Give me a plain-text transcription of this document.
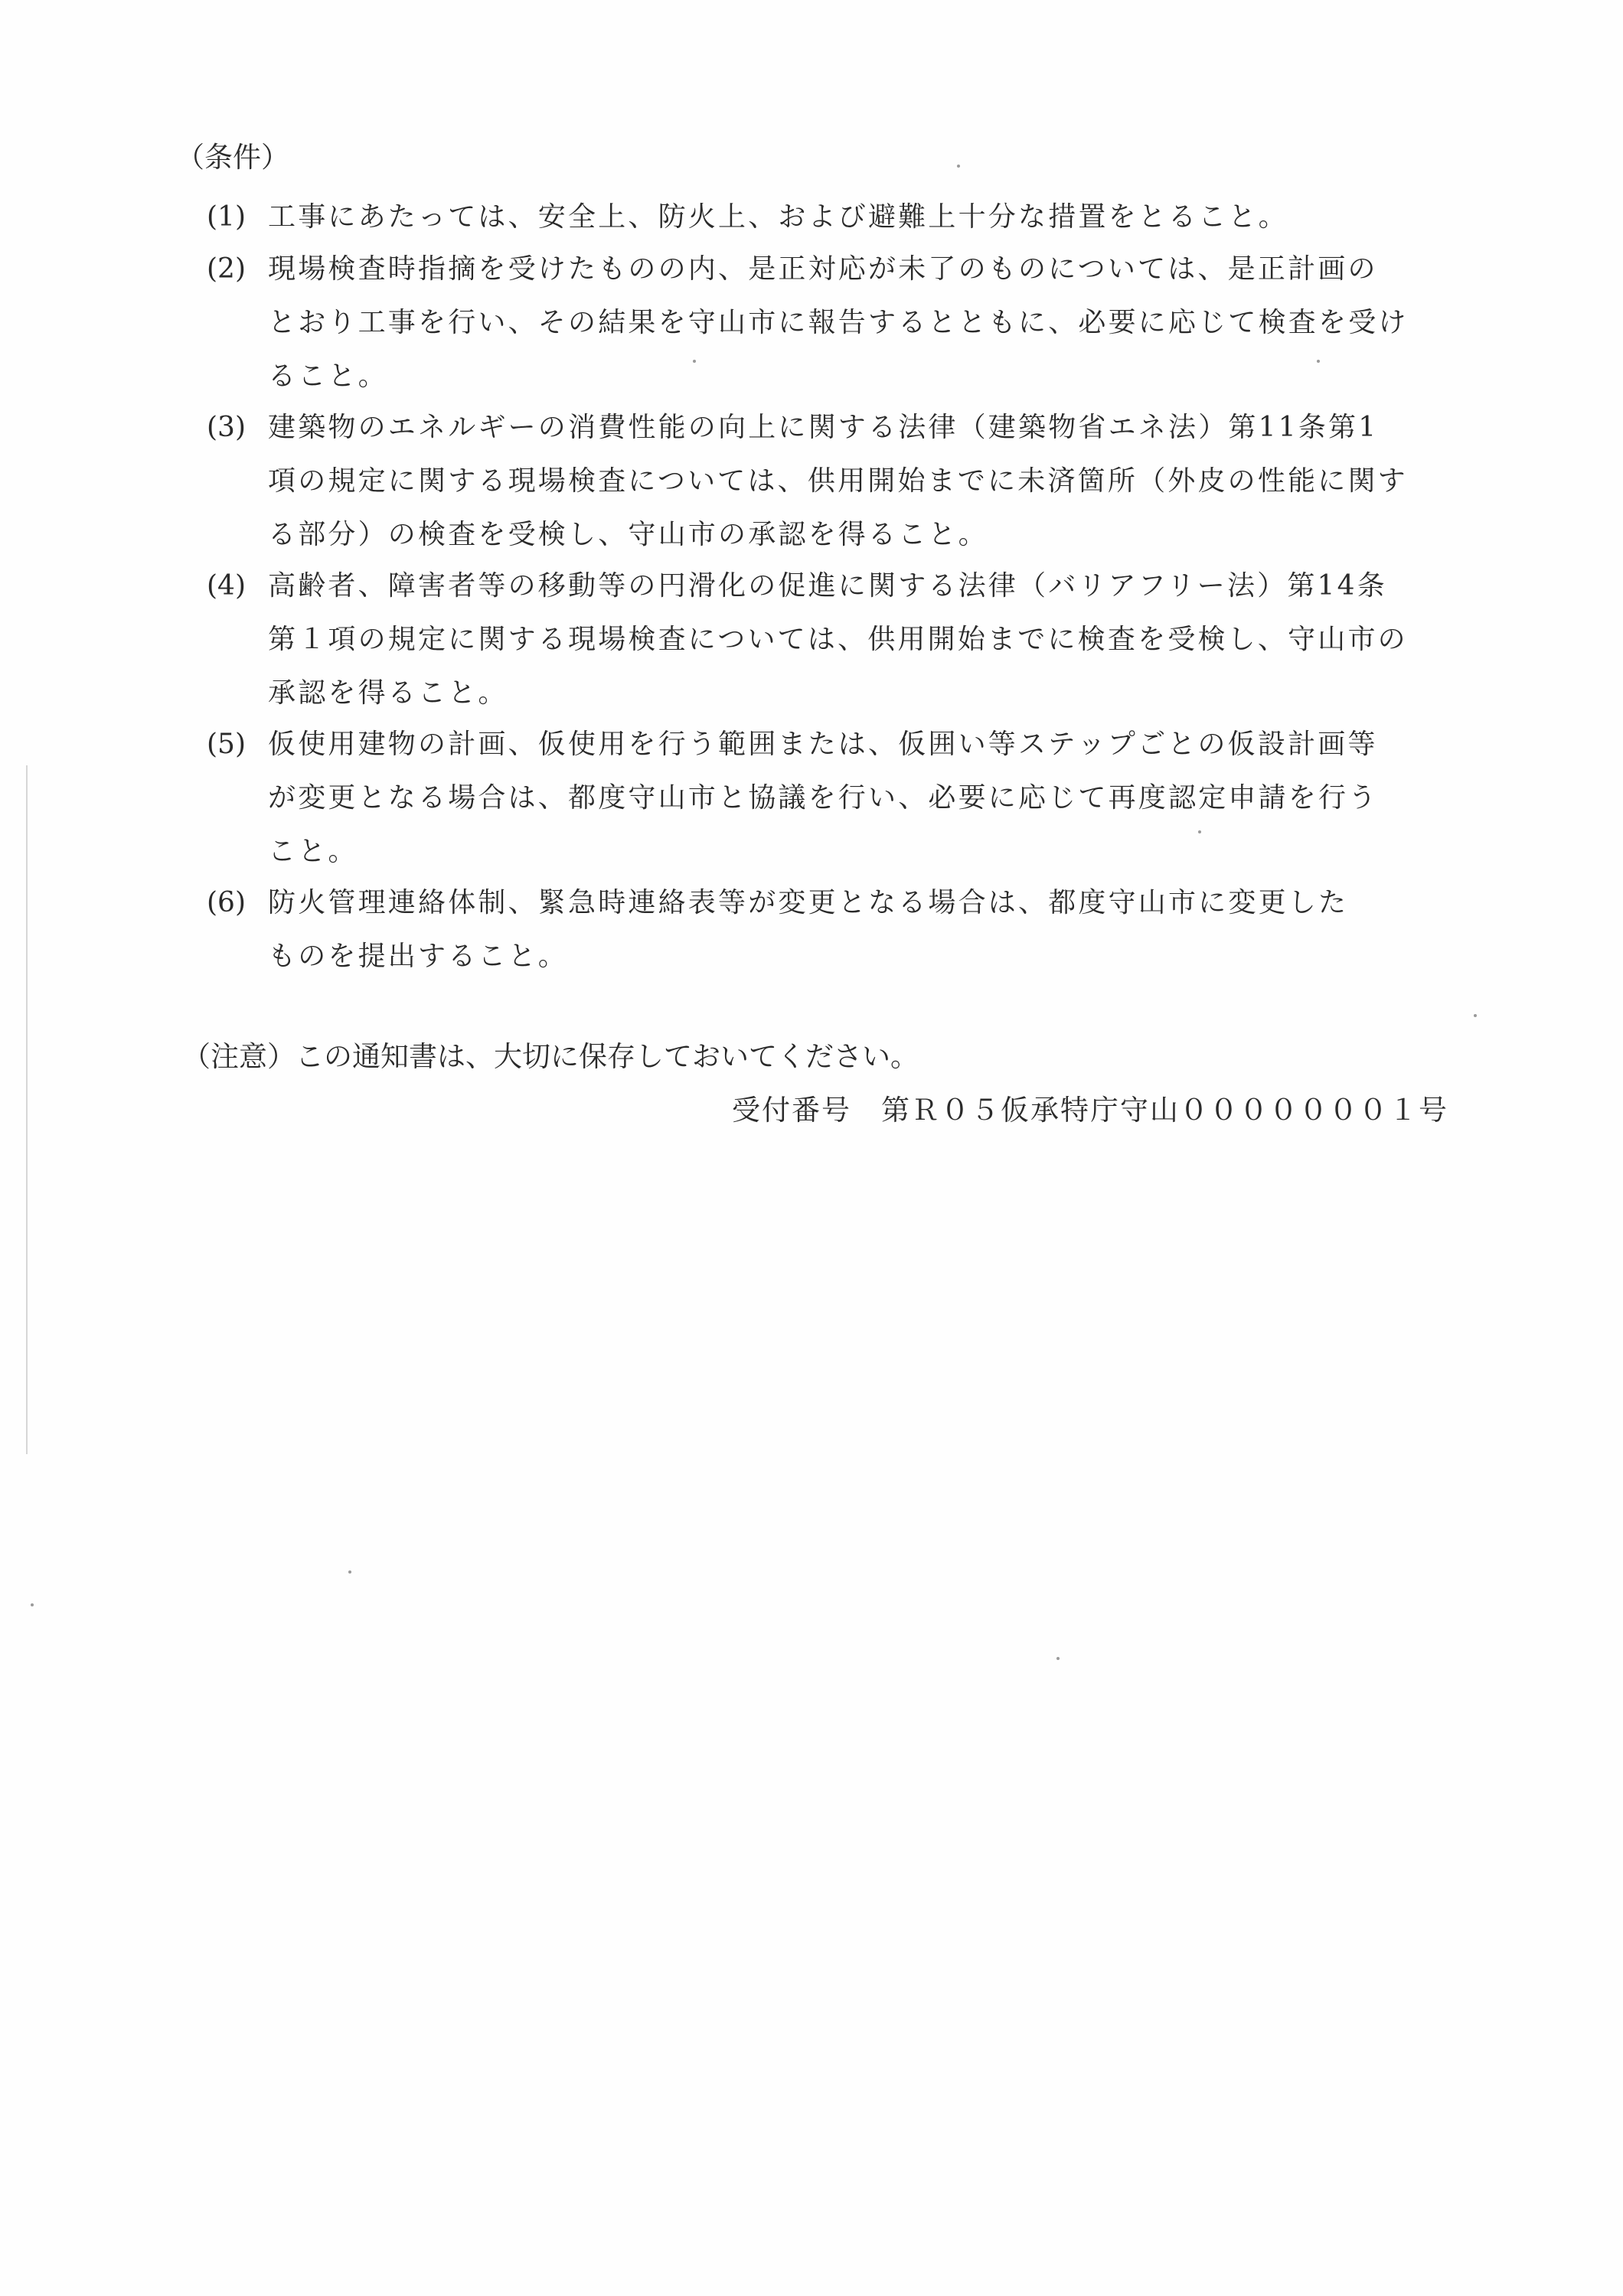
（条件）
(1) 工事にあたっては、安全上、防火上、および避難上十分な措置をとること。
(2) 現場検査時指摘を受けたものの内、是正対応が未了のものについては、是正計画の
とおり工事を行い、その結果を守山市に報告するとともに、必要に応じて検査を受け
ること。
(3) 建築物のエネルギーの消費性能の向上に関する法律（建築物省エネ法）第11条第1
項の規定に関する現場検査については、供用開始までに未済箇所（外皮の性能に関す
る部分）の検査を受検し、守山市の承認を得ること。
(4) 高齢者、障害者等の移動等の円滑化の促進に関する法律（バリアフリー法）第14条
第１項の規定に関する現場検査については、供用開始までに検査を受検し、守山市の
承認を得ること。
(5) 仮使用建物の計画、仮使用を行う範囲または、仮囲い等ステップごとの仮設計画等
が変更となる場合は、都度守山市と協議を行い、必要に応じて再度認定申請を行う
こと。
(6) 防火管理連絡体制、緊急時連絡表等が変更となる場合は、都度守山市に変更した
ものを提出すること。
（注意）この通知書は、大切に保存しておいてください。
受付番号　第Ｒ０５仮承特庁守山０００００００１号
